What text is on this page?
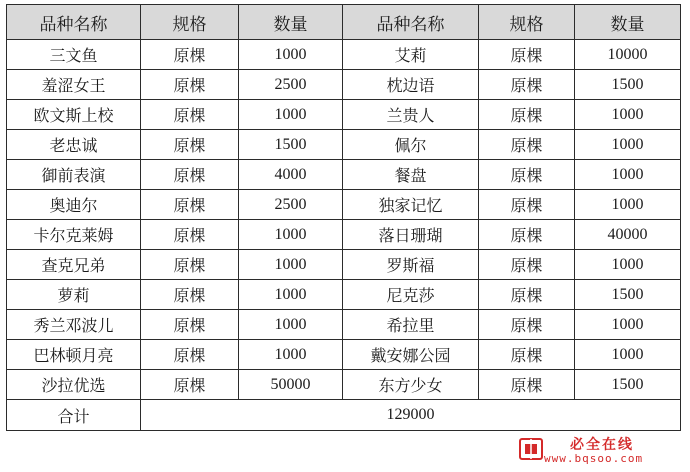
品种名称	规格	数量	品种名称	规格	数量
三文鱼	原棵	1000	艾莉	原棵	10000
羞涩女王	原棵	2500	枕边语	原棵	1500
欧文斯上校	原棵	1000	兰贵人	原棵	1000
老忠诚	原棵	1500	佩尔	原棵	1000
御前表演	原棵	4000	餐盘	原棵	1000
奥迪尔	原棵	2500	独家记忆	原棵	1000
卡尔克莱姆	原棵	1000	落日珊瑚	原棵	40000
查克兄弟	原棵	1000	罗斯福	原棵	1000
萝莉	原棵	1000	尼克莎	原棵	1500
秀兰邓波儿	原棵	1000	希拉里	原棵	1000
巴林顿月亮	原棵	1000	戴安娜公园	原棵	1000
沙拉优选	原棵	50000	东方少女	原棵	1500
合计	129000				
必全在线
www.bqsoo.com
